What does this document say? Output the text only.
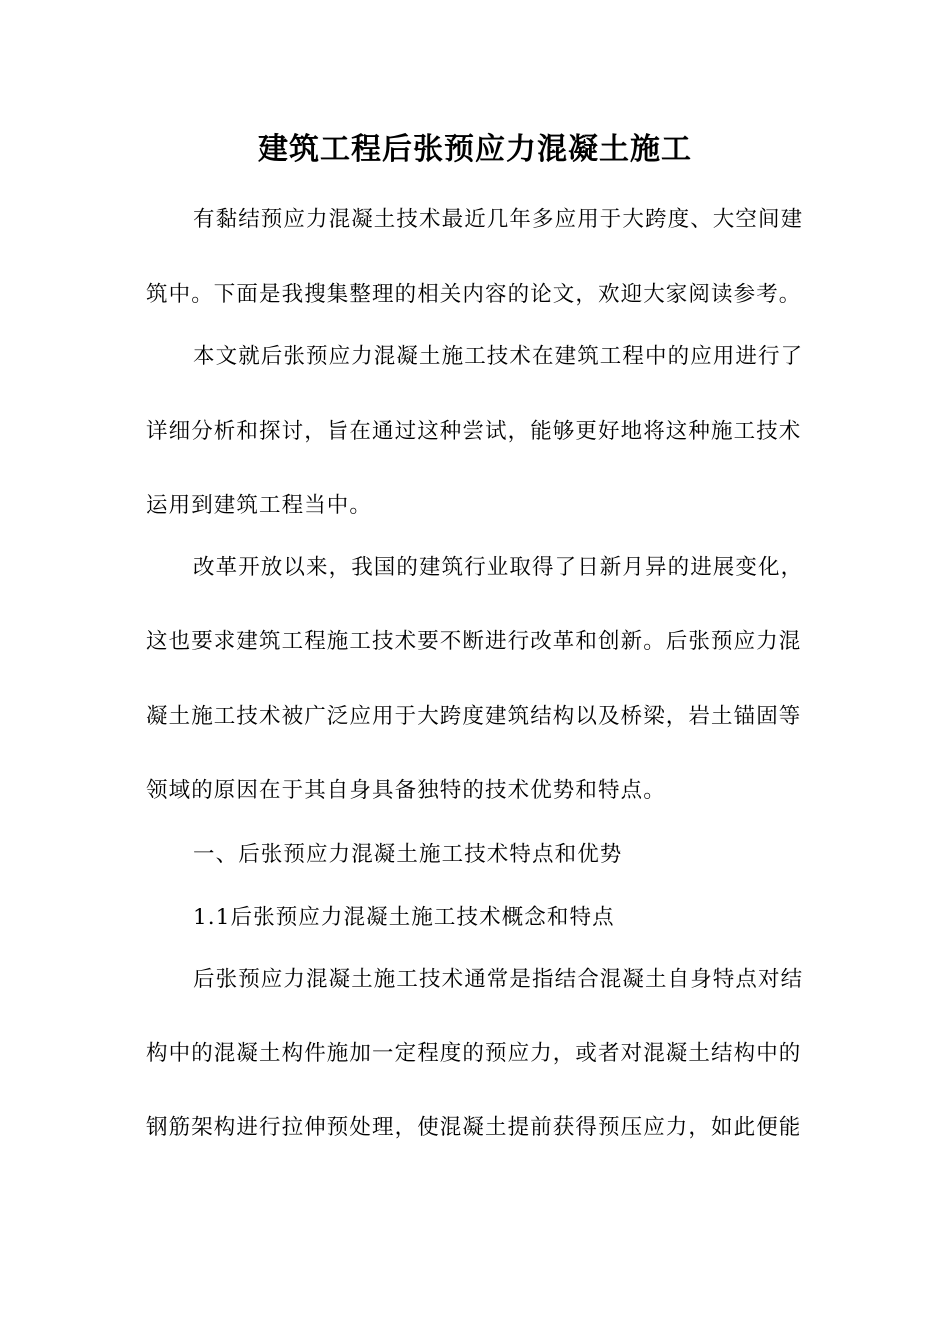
建筑工程后张预应力混凝土施工
有黏结预应力混凝土技术最近几年多应用于大跨度、大空间建
筑中。下面是我搜集整理的相关内容的论文，欢迎大家阅读参考。
本文就后张预应力混凝土施工技术在建筑工程中的应用进行了
详细分析和探讨，旨在通过这种尝试，能够更好地将这种施工技术
运用到建筑工程当中。
改革开放以来，我国的建筑行业取得了日新月异的进展变化，
这也要求建筑工程施工技术要不断进行改革和创新。后张预应力混
凝土施工技术被广泛应用于大跨度建筑结构以及桥梁，岩土锚固等
领域的原因在于其自身具备独特的技术优势和特点。
一、后张预应力混凝土施工技术特点和优势
1.1后张预应力混凝土施工技术概念和特点
后张预应力混凝土施工技术通常是指结合混凝土自身特点对结
构中的混凝土构件施加一定程度的预应力，或者对混凝土结构中的
钢筋架构进行拉伸预处理，使混凝土提前获得预压应力，如此便能
